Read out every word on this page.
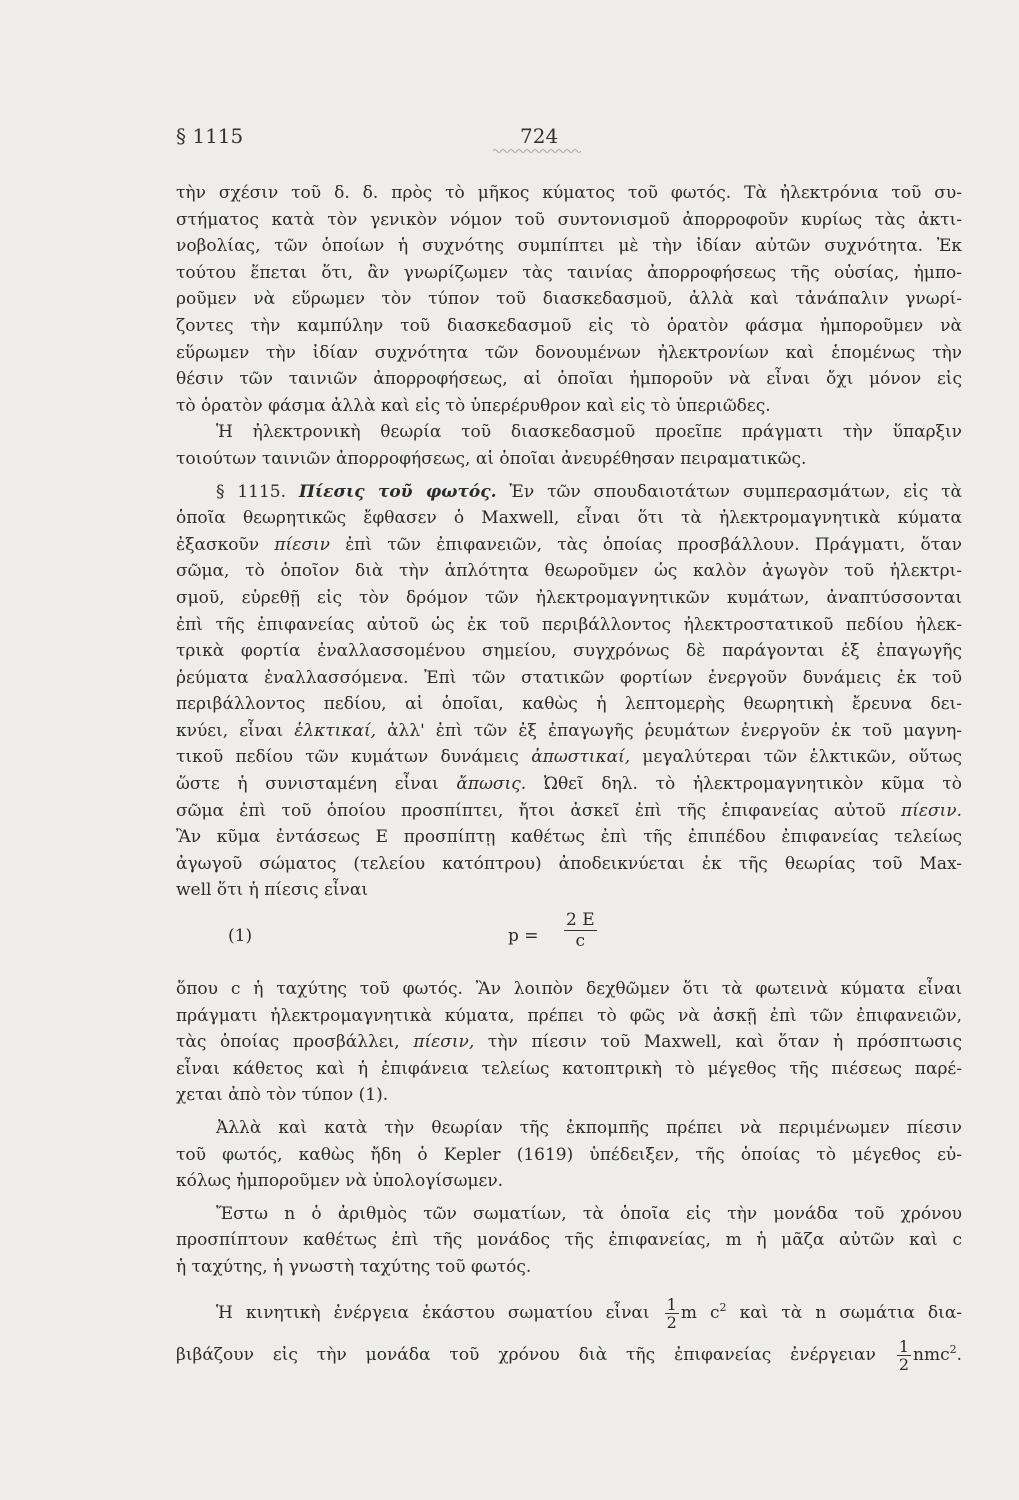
§ 1115	724
τὴν σχέσιν τοῦ δ. δ. πρὸς τὸ μῆκος κύματος τοῦ φωτός. Τὰ ἠλεκτρόνια τοῦ συ-
στήματος κατὰ τὸν γενικὸν νόμον τοῦ συντονισμοῦ ἀπορροφοῦν κυρίως τὰς ἀκτι-
νοβολίας, τῶν ὁποίων ἡ συχνότης συμπίπτει μὲ τὴν ἰδίαν αὐτῶν συχνότητα. Ἐκ
τούτου ἕπεται ὅτι, ἂν γνωρίζωμεν τὰς ταινίας ἀπορροφήσεως τῆς οὐσίας, ἠμπο-
ροῦμεν νὰ εὕρωμεν τὸν τύπον τοῦ διασκεδασμοῦ, ἀλλὰ καὶ τἀνάπαλιν γνωρί-
ζοντες τὴν καμπύλην τοῦ διασκεδασμοῦ εἰς τὸ ὁρατὸν φάσμα ἠμποροῦμεν νὰ
εὕρωμεν τὴν ἰδίαν συχνότητα τῶν δονουμένων ἠλεκτρονίων καὶ ἑπομένως τὴν
θέσιν τῶν ταινιῶν ἀπορροφήσεως, αἱ ὁποῖαι ἠμποροῦν νὰ εἶναι ὄχι μόνον εἰς
τὸ ὁρατὸν φάσμα ἀλλὰ καὶ εἰς τὸ ὑπερέρυθρον καὶ εἰς τὸ ὑπεριῶδες.
Ἡ ἠλεκτρονικὴ θεωρία τοῦ διασκεδασμοῦ προεῖπε πράγματι τὴν ὕπαρξιν
τοιούτων ταινιῶν ἀπορροφήσεως, αἱ ὁποῖαι ἀνευρέθησαν πειραματικῶς.
§ 1115. Πίεσις τοῦ φωτός. Ἐν τῶν σπουδαιοτάτων συμπερασμάτων, εἰς τὰ
ὁποῖα θεωρητικῶς ἔφθασεν ὁ Maxwell, εἶναι ὅτι τὰ ἠλεκτρομαγνητικὰ κύματα
ἐξασκοῦν πίεσιν ἐπὶ τῶν ἐπιφανειῶν, τὰς ὁποίας προσβάλλουν. Πράγματι, ὅταν
σῶμα, τὸ ὁποῖον διὰ τὴν ἁπλότητα θεωροῦμεν ὡς καλὸν ἀγωγὸν τοῦ ἠλεκτρι-
σμοῦ, εὑρεθῇ εἰς τὸν δρόμον τῶν ἠλεκτρομαγνητικῶν κυμάτων, ἀναπτύσσονται
ἐπὶ τῆς ἐπιφανείας αὐτοῦ ὡς ἐκ τοῦ περιβάλλοντος ἠλεκτροστατικοῦ πεδίου ἠλεκ-
τρικὰ φορτία ἐναλλασσομένου σημείου, συγχρόνως δὲ παράγονται ἐξ ἐπαγωγῆς
ῥεύματα ἐναλλασσόμενα. Ἐπὶ τῶν στατικῶν φορτίων ἐνεργοῦν δυνάμεις ἐκ τοῦ
περιβάλλοντος πεδίου, αἱ ὁποῖαι, καθὼς ἡ λεπτομερὴς θεωρητικὴ ἔρευνα δει-
κνύει, εἶναι ἑλκτικαί, ἀλλ' ἐπὶ τῶν ἐξ ἐπαγωγῆς ῥευμάτων ἐνεργοῦν ἐκ τοῦ μαγνη-
τικοῦ πεδίου τῶν κυμάτων δυνάμεις ἀπωστικαί, μεγαλύτεραι τῶν ἑλκτικῶν, οὕτως
ὥστε ἡ συνισταμένη εἶναι ἄπωσις. Ὠθεῖ δηλ. τὸ ἠλεκτρομαγνητικὸν κῦμα τὸ
σῶμα ἐπὶ τοῦ ὁποίου προσπίπτει, ἤτοι ἀσκεῖ ἐπὶ τῆς ἐπιφανείας αὐτοῦ πίεσιν.
Ἂν κῦμα ἐντάσεως E προσπίπτῃ καθέτως ἐπὶ τῆς ἐπιπέδου ἐπιφανείας τελείως
ἀγωγοῦ σώματος (τελείου κατόπτρου) ἀποδεικνύεται ἐκ τῆς θεωρίας τοῦ Max-
well ὅτι ἡ πίεσις εἶναι
(1)	$p = \frac{2 E}{c}$
ὅπου c ἡ ταχύτης τοῦ φωτός. Ἂν λοιπὸν δεχθῶμεν ὅτι τὰ φωτεινὰ κύματα εἶναι
πράγματι ἠλεκτρομαγνητικὰ κύματα, πρέπει τὸ φῶς νὰ ἀσκῇ ἐπὶ τῶν ἐπιφανειῶν,
τὰς ὁποίας προσβάλλει, πίεσιν, τὴν πίεσιν τοῦ Maxwell, καὶ ὅταν ἡ πρόσπτωσις
εἶναι κάθετος καὶ ἡ ἐπιφάνεια τελείως κατοπτρικὴ τὸ μέγεθος τῆς πιέσεως παρέ-
χεται ἀπὸ τὸν τύπον (1).
Ἀλλὰ καὶ κατὰ τὴν θεωρίαν τῆς ἐκπομπῆς πρέπει νὰ περιμένωμεν πίεσιν
τοῦ φωτός, καθὼς ἤδη ὁ Kepler (1619) ὑπέδειξεν, τῆς ὁποίας τὸ μέγεθος εὐ-
κόλως ἠμποροῦμεν νὰ ὑπολογίσωμεν.
Ἔστω n ὁ ἀριθμὸς τῶν σωματίων, τὰ ὁποῖα εἰς τὴν μονάδα τοῦ χρόνου
προσπίπτουν καθέτως ἐπὶ τῆς μονάδος τῆς ἐπιφανείας, m ἡ μᾶζα αὐτῶν καὶ c
ἡ ταχύτης, ἡ γνωστὴ ταχύτης τοῦ φωτός.
Ἡ κινητικὴ ἐνέργεια ἑκάστου σωματίου εἶναι $\frac{1}{2}$ m $c^2$ καὶ τὰ n σωμάτια δια-
βιβάζουν εἰς τὴν μονάδα τοῦ χρόνου διὰ τῆς ἐπιφανείας ἐνέργειαν $\frac{1}{2} nmc^2$.
